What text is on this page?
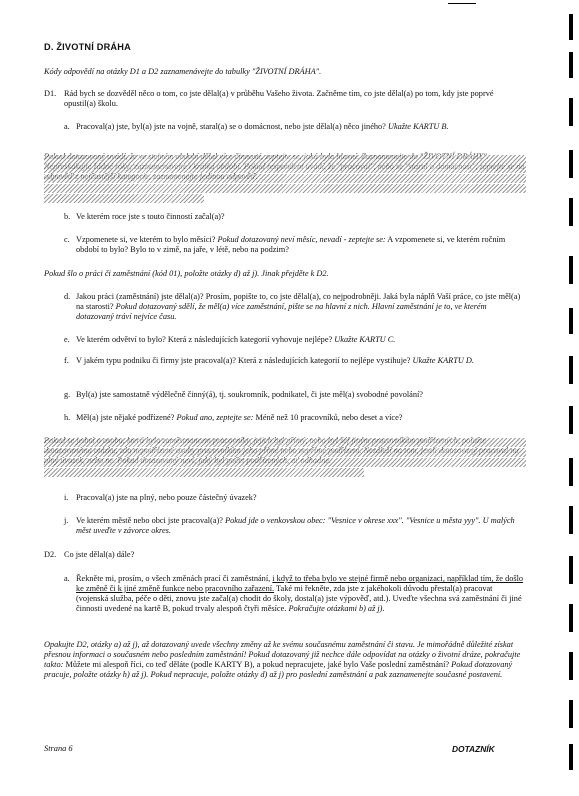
D. ŽIVOTNÍ DRÁHA
Kódy odpovědí na otázky D1 a D2 zaznamenávejte do tabulky "ŽIVOTNÍ DRÁHA".
D1. Rád bych se dozvěděl něco o tom, co jste dělal(a) v průběhu Vašeho života. Začněme tím, co jste dělal(a) po tom, kdy jste poprvé opustil(a) školu.
a. Pracoval(a) jste, byl(a) jste na vojně, staral(a) se o domácnost, nebo jste dělal(a) něco jiného? Ukažte KARTU B.
b. Ve kterém roce jste s touto činností začal(a)?
c. Vzpomenete si, ve kterém to bylo měsíci? Pokud dotazovaný neví měsíc, nevadí - zeptejte se: A vzpomenete si, ve kterém ročním období to bylo? Bylo to v zimě, na jaře, v létě, nebo na podzim?
Pokud šlo o práci či zaměstnání (kód 01), položte otázky d) až j). Jinak přejděte k D2.
d. Jakou práci (zaměstnání) jste dělal(a)? Prosím, popište to, co jste dělal(a), co nejpodrobněji. Jaká byla náplň Vaší práce, co jste měl(a) na starosti? Pokud dotazovaný sdělí, že měl(a) více zaměstnání, pište se na hlavní z nich. Hlavní zaměstnání je to, ve kterém dotazovaný tráví nejvíce času.
e. Ve kterém odvětví to bylo? Která z následujících kategorií vyhovuje nejlépe? Ukažte KARTU C.
f. V jakém typu podniku či firmy jste pracoval(a)? Která z následujících kategorií to nejlépe vystihuje? Ukažte KARTU D.
g. Byl(a) jste samostatně výdělečně činný(á), tj. soukromník, podnikatel, či jste měl(a) svobodné povolání?
h. Měl(a) jste nějaké podřízené? Pokud ano, zeptejte se: Méně než 10 pracovníků, nebo deset a více?
i. Pracoval(a) jste na plný, nebo pouze částečný úvazek?
j. Ve kterém městě nebo obci jste pracoval(a)? Pokud jde o venkovskou obec: "Vesnice v okrese xxx". "Vesnice u města yyy". U malých měst uveďte v závorce okres.
D2. Co jste dělal(a) dále?
a. Řekněte mi, prosím, o všech změnách prací či zaměstnání, i když to třeba bylo ve stejné firmě nebo organizaci, například tím, že došlo ke změně či k jiné změně funkce nebo pracovního zařazení. Také mi řekněte, zda jste z jakéhokoli důvodu přestal(a) pracovat (vojenská služba, péče o děti, znovu jste začal(a) chodit do školy, dostal(a) jste výpověď, atd.). Uveďte všechna svá zaměstnání či jiné činnosti uvedené na kartě B, pokud trvaly alespoň čtyři měsíce. Pokračujte otázkami b) až j).
Opakujte D2, otázky a) až j), až dotazovaný uvede všechny změny až ke svému současnému zaměstnání či stavu. Je mimořádně důležité získat přesnou informaci o současném nebo posledním zaměstnání! Pokud dotazovaný již nechce dále odpovídat na otázky o životní dráze, pokračujte takto: Můžete mi alespoň říci, co teď děláte (podle KARTY B), a pokud nepracujete, jaké bylo Vaše poslední zaměstnání? Pokud dotazovaný pracuje, položte otázky h) až j). Pokud nepracuje, položte otázky d) až j) pro poslední zaměstnání a pak zaznamenejte současné postavení.
Strana 6	DOTAZNÍK
